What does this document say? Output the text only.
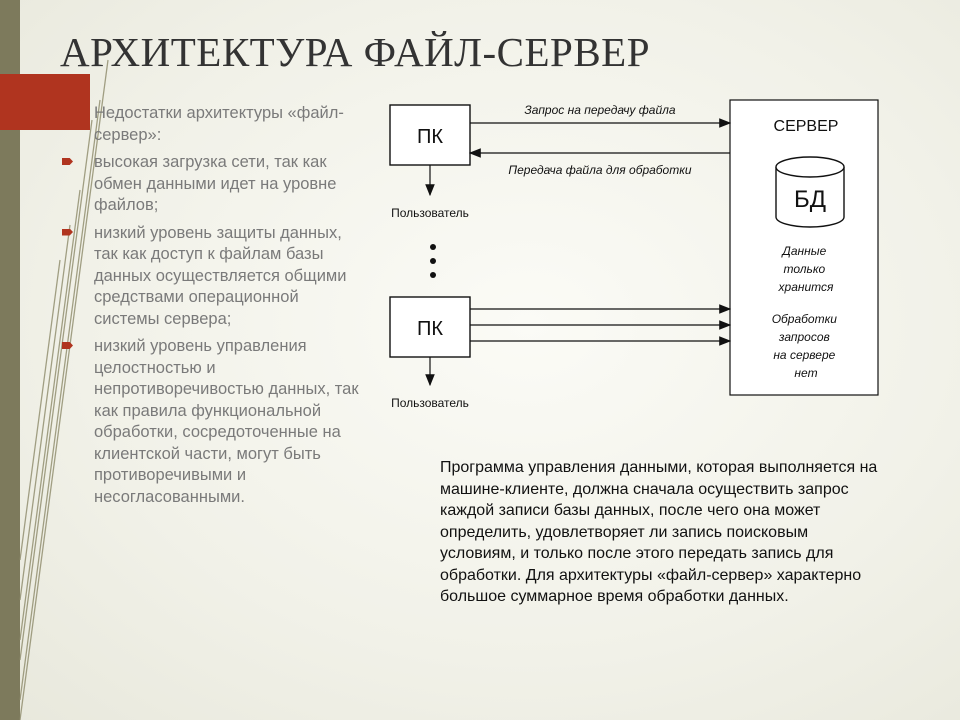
АРХИТЕКТУРА ФАЙЛ-СЕРВЕР
Недостатки архитектуры «файл-сервер»:
высокая загрузка сети, так как обмен данными идет на уровне файлов;
низкий уровень защиты данных, так как доступ к файлам базы данных осуществляется общими средствами операционной системы сервера;
низкий уровень управления целостностью и непротиворечивостью данных, так как правила функциональной обработки, сосредоточенные на клиентской части, могут быть противоречивыми и несогласованными.
ПК
Пользователь
ПК
Пользователь
СЕРВЕР
БД
Данные только хранится
Обработки запросов на сервере нет
Запрос на передачу файла
Передача файла для обработки
Программа управления данными, которая выполняется на машине-клиенте, должна сначала осуществить запрос каждой записи базы данных, после чего она может определить, удовлетворяет ли запись поисковым условиям, и только после этого передать запись для обработки. Для архитектуры «файл-сервер» характерно большое суммарное время обработки данных.
